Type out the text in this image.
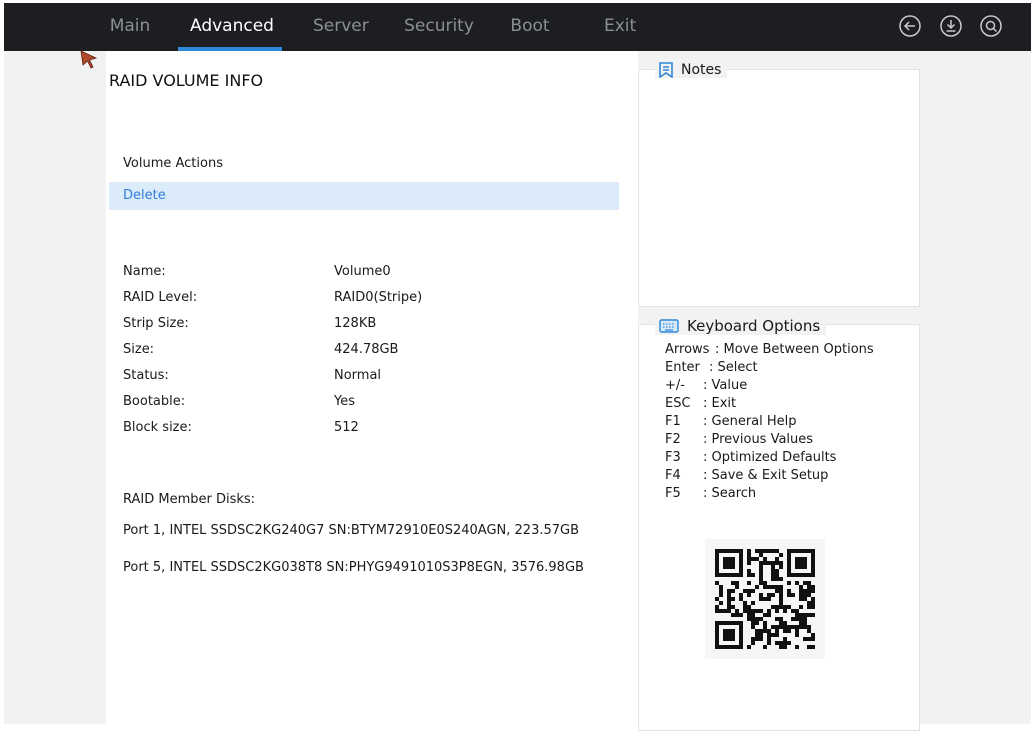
Main Advanced Server Security Boot	Exit
RAID VOLUME INFO
Volume Actions
Delete
Name:	Volume0
RAID Level:	RAID0(Stripe)
Strip Size:	128KB
Size:	424.78GB
Status:	Normal
Bootable:	Yes
Block size:	512
RAID Member Disks:
Port 1, INTEL SSDSC2KG240G7 SN:BTYM72910E0S240AGN, 223.57GB
Port 5, INTEL SSDSC2KG038T8 SN:PHYG9491010S3P8EGN, 3576.98GB
Notes
Keyboard Options
Arrows : Move Between Options
Enter : Select
+/- : Value
ESC : Exit
F1 : General Help
F2 : Previous Values
F3 : Optimized Defaults
F4 : Save & Exit Setup
F5 : Search
